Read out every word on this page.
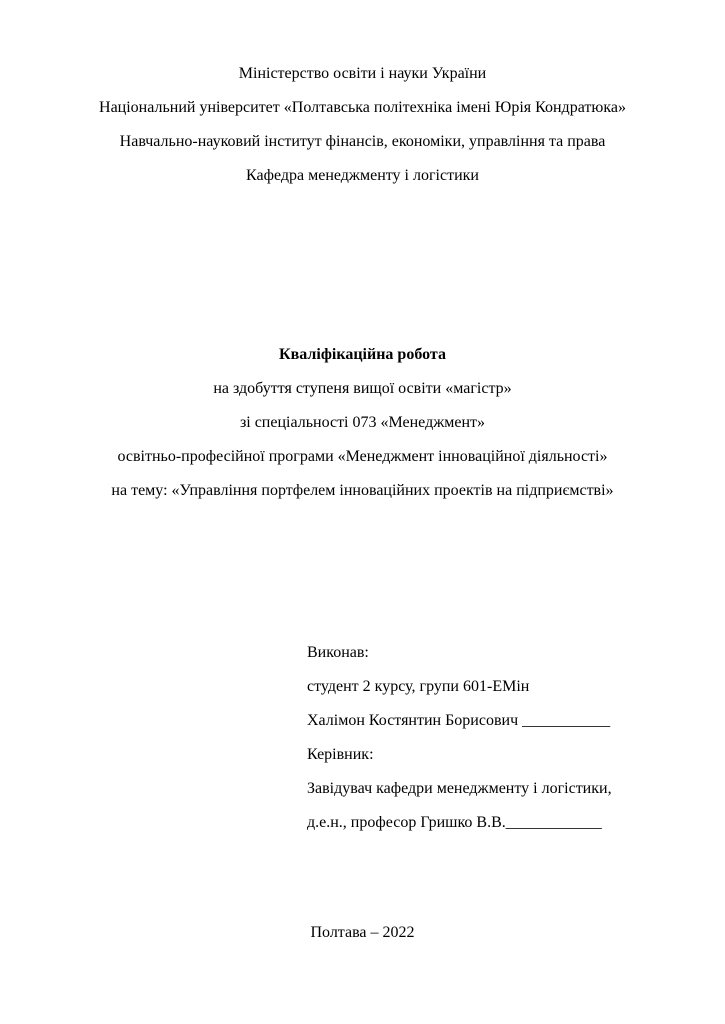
Міністерство освіти і науки України
Національний університет «Полтавська політехніка імені Юрія Кондратюка»
Навчально-науковий інститут фінансів, економіки, управління та права
Кафедра менеджменту і логістики
Кваліфікаційна робота
на здобуття ступеня вищої освіти «магістр»
зі спеціальності 073 «Менеджмент»
освітньо-професійної програми «Менеджмент інноваційної діяльності»
на тему: «Управління портфелем інноваційних проектів на підприємстві»
Виконав:
студент 2 курсу, групи 601-ЕМін
Халімон Костянтин Борисович ___________
Керівник:
Завідувач кафедри менеджменту і логістики,
д.е.н., професор Гришко В.В.____________
Полтава – 2022
